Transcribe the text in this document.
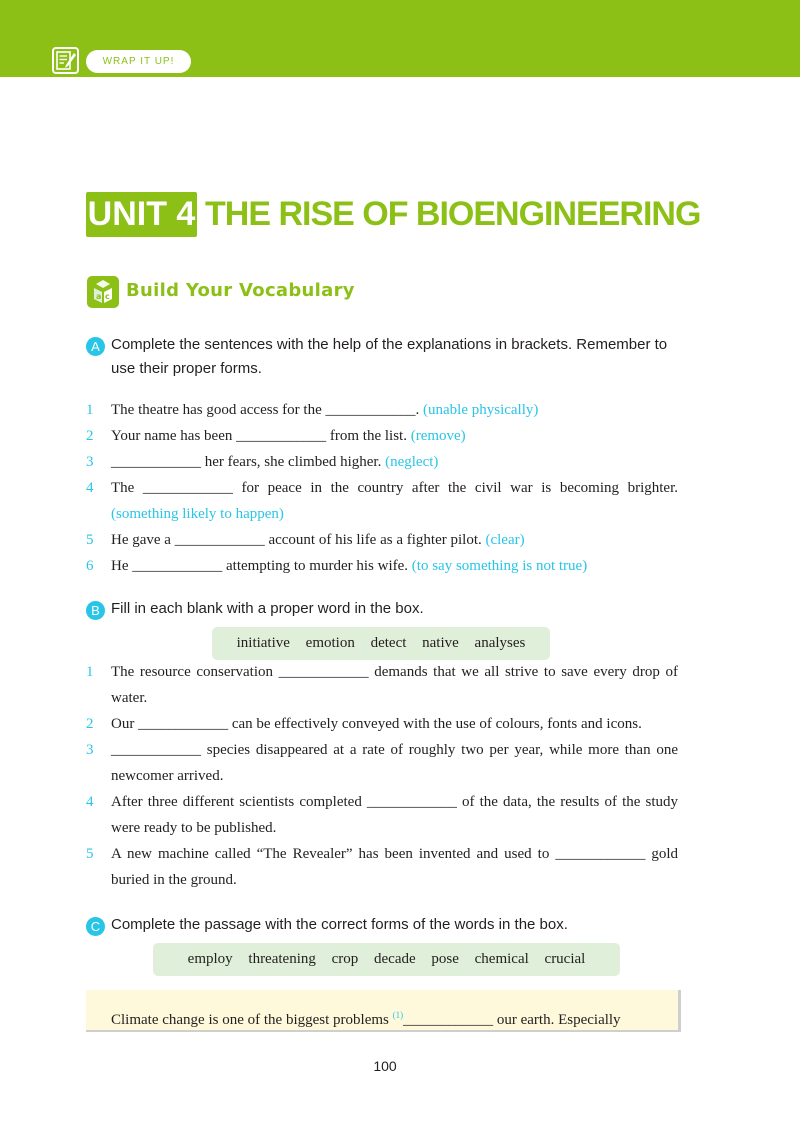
WRAP IT UP!
UNIT 4 THE RISE OF BIOENGINEERING
a c Build Your Vocabulary
A Complete the sentences with the help of the explanations in brackets. Remember to use their proper forms.
1 The theatre has good access for the ____________. (unable physically)
2 Your name has been ____________ from the list. (remove)
3 ____________ her fears, she climbed higher. (neglect)
4 The ____________ for peace in the country after the civil war is becoming brighter. (something likely to happen)
5 He gave a ____________ account of his life as a fighter pilot. (clear)
6 He ____________ attempting to murder his wife. (to say something is not true)
B Fill in each blank with a proper word in the box.
initiative emotion detect native analyses
1 The resource conservation ____________ demands that we all strive to save every drop of water.
2 Our ____________ can be effectively conveyed with the use of colours, fonts and icons.
3 ____________ species disappeared at a rate of roughly two per year, while more than one newcomer arrived.
4 After three different scientists completed ____________ of the data, the results of the study were ready to be published.
5 A new machine called “The Revealer” has been invented and used to ____________ gold buried in the ground.
C Complete the passage with the correct forms of the words in the box.
employ threatening crop decade pose chemical crucial
Climate change is one of the biggest problems $^{(1)}$____________ our earth. Especially
100
